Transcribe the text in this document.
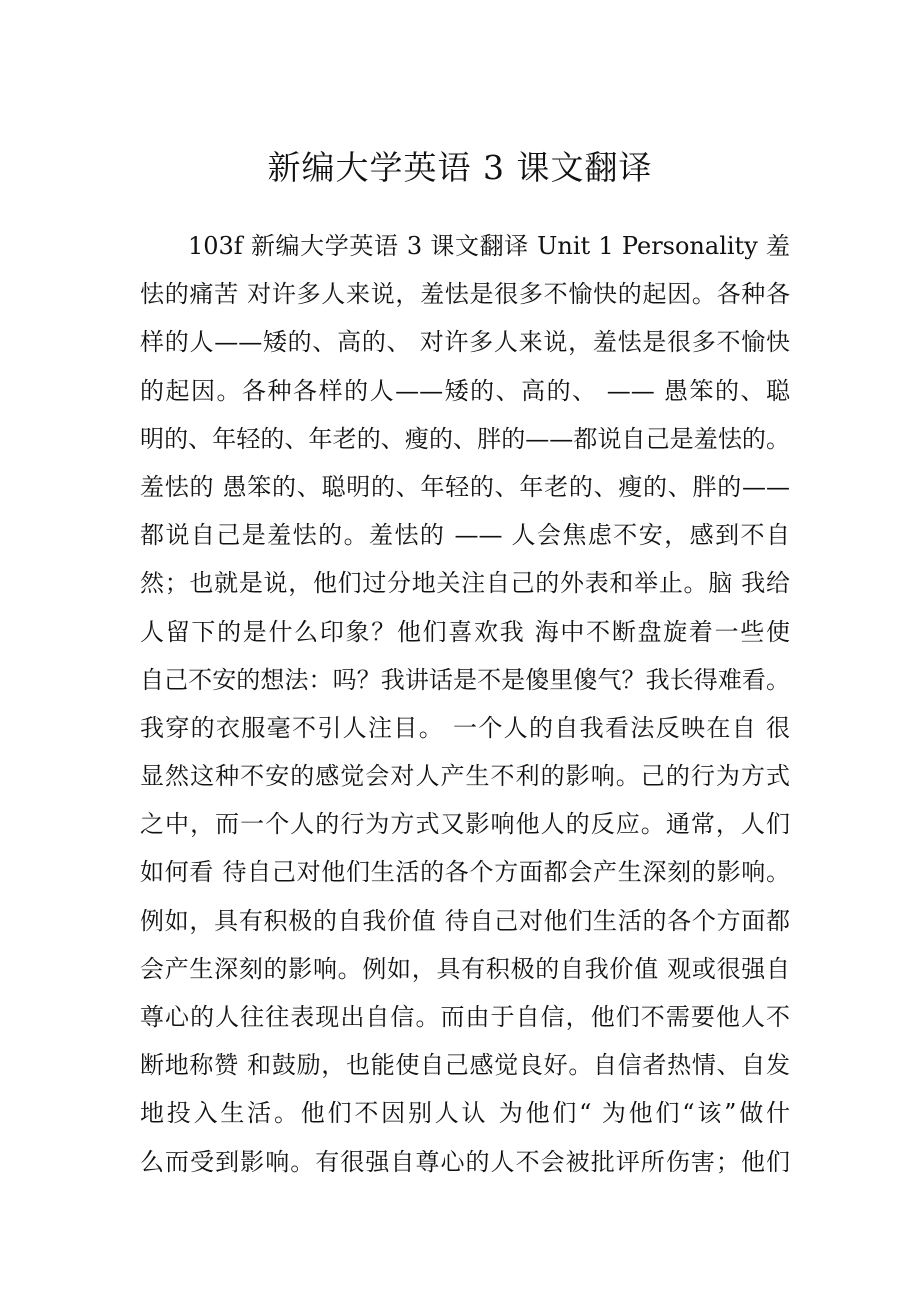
新编大学英语 3 课文翻译
103f 新编大学英语 3 课文翻译 Unit 1 Personality 羞
怯的痛苦 对许多人来说，羞怯是很多不愉快的起因。各种各
样的人——矮的、高的、 对许多人来说，羞怯是很多不愉快
的起因。各种各样的人——矮的、高的、 —— 愚笨的、聪
明的、年轻的、年老的、瘦的、胖的——都说自己是羞怯的。
羞怯的 愚笨的、聪明的、年轻的、年老的、瘦的、胖的——
都说自己是羞怯的。羞怯的 —— 人会焦虑不安，感到不自
然；也就是说，他们过分地关注自己的外表和举止。脑 我给
人留下的是什么印象？他们喜欢我 海中不断盘旋着一些使
自己不安的想法：吗？我讲话是不是傻里傻气？我长得难看。
我穿的衣服毫不引人注目。 一个人的自我看法反映在自 很
显然这种不安的感觉会对人产生不利的影响。己的行为方式
之中，而一个人的行为方式又影响他人的反应。通常，人们
如何看 待自己对他们生活的各个方面都会产生深刻的影响。
例如，具有积极的自我价值 待自己对他们生活的各个方面都
会产生深刻的影响。例如，具有积极的自我价值 观或很强自
尊心的人往往表现出自信。而由于自信，他们不需要他人不
断地称赞 和鼓励，也能使自己感觉良好。自信者热情、自发
地投入生活。他们不因别人认 为他们“ 为他们“该”做什
么而受到影响。有很强自尊心的人不会被批评所伤害；他们
